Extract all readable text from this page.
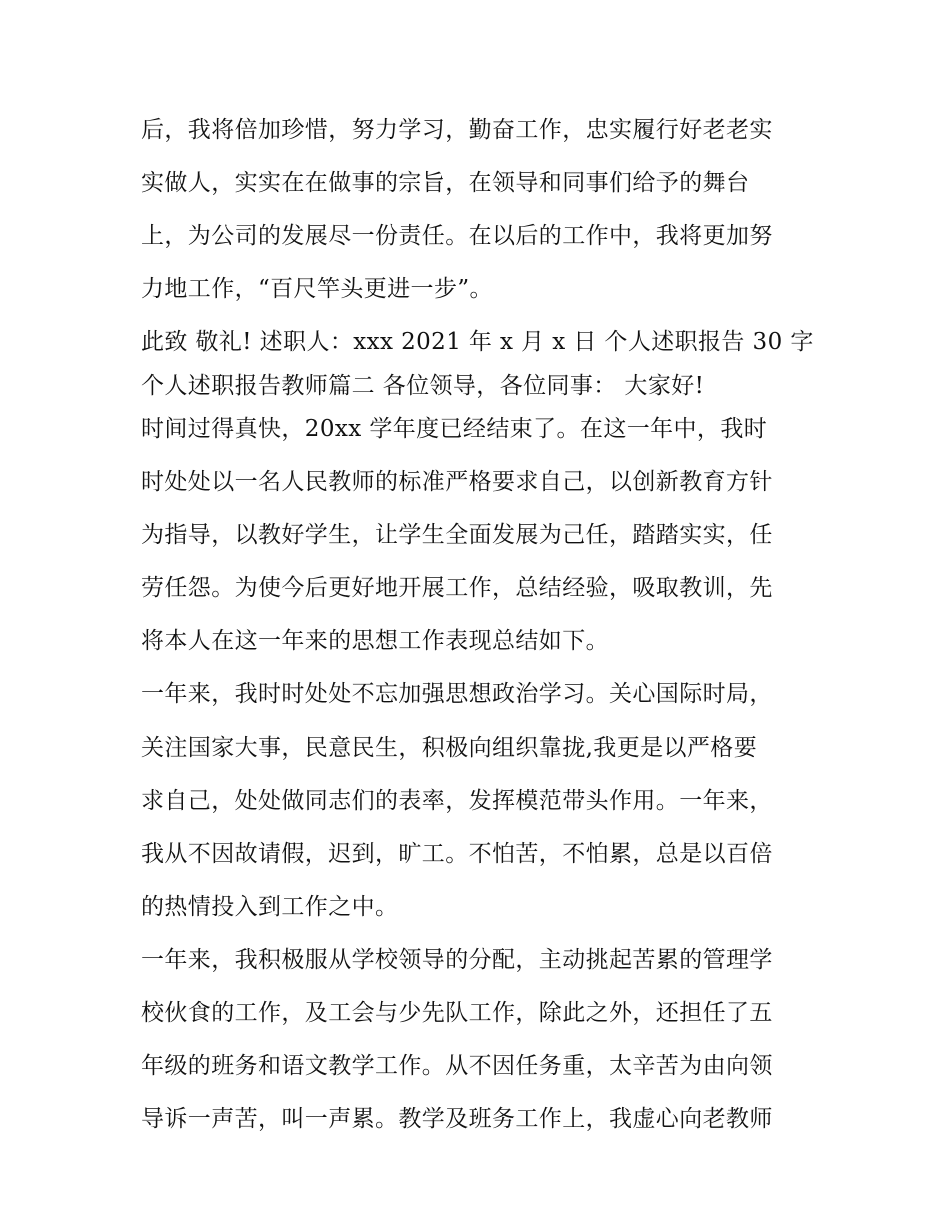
后，我将倍加珍惜，努力学习，勤奋工作，忠实履行好老老实
实做人，实实在在做事的宗旨，在领导和同事们给予的舞台
上，为公司的发展尽一份责任。在以后的工作中，我将更加努
力地工作，“百尺竿头更进一步”。
此致 敬礼! 述职人：xxx 2021 年 x 月 x 日 个人述职报告 30 字
个人述职报告教师篇二 各位领导，各位同事： 大家好!
时间过得真快，20xx 学年度已经结束了。在这一年中，我时
时处处以一名人民教师的标准严格要求自己，以创新教育方针
为指导，以教好学生，让学生全面发展为己任，踏踏实实，任
劳任怨。为使今后更好地开展工作，总结经验，吸取教训，先
将本人在这一年来的思想工作表现总结如下。
一年来，我时时处处不忘加强思想政治学习。关心国际时局，
关注国家大事，民意民生，积极向组织靠拢,我更是以严格要
求自己，处处做同志们的表率，发挥模范带头作用。一年来，
我从不因故请假，迟到，旷工。不怕苦，不怕累，总是以百倍
的热情投入到工作之中。
一年来，我积极服从学校领导的分配，主动挑起苦累的管理学
校伙食的工作，及工会与少先队工作，除此之外，还担任了五
年级的班务和语文教学工作。从不因任务重，太辛苦为由向领
导诉一声苦，叫一声累。教学及班务工作上，我虚心向老教师
